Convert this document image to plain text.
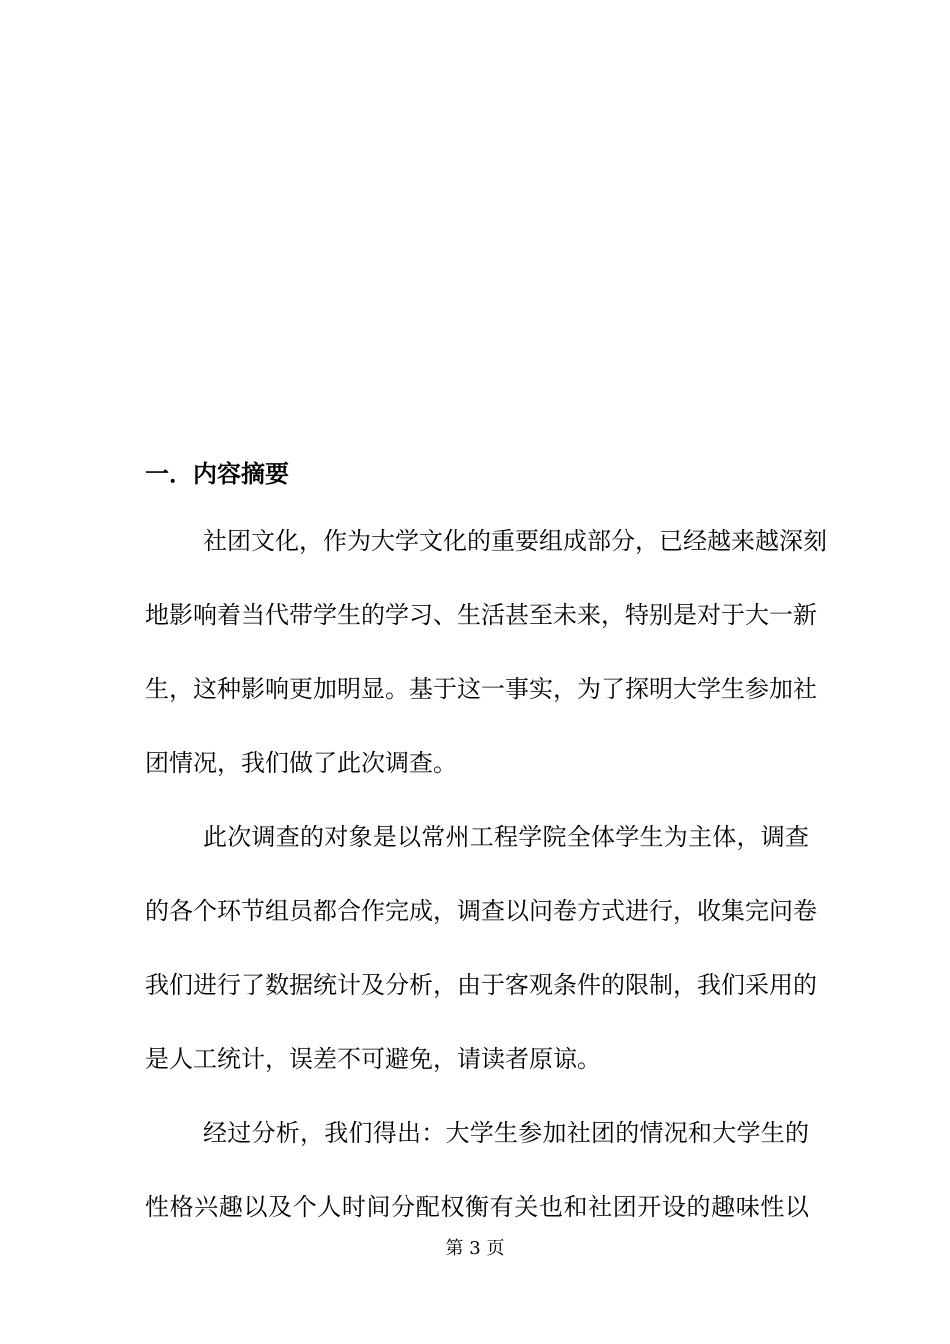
一．内容摘要
社团文化，作为大学文化的重要组成部分，已经越来越深刻
地影响着当代带学生的学习、生活甚至未来，特别是对于大一新
生，这种影响更加明显。基于这一事实，为了探明大学生参加社
团情况，我们做了此次调查。
此次调查的对象是以常州工程学院全体学生为主体，调查
的各个环节组员都合作完成，调查以问卷方式进行，收集完问卷
我们进行了数据统计及分析，由于客观条件的限制，我们采用的
是人工统计，误差不可避免，请读者原谅。
经过分析，我们得出：大学生参加社团的情况和大学生的
性格兴趣以及个人时间分配权衡有关也和社团开设的趣味性以
第 3 页
